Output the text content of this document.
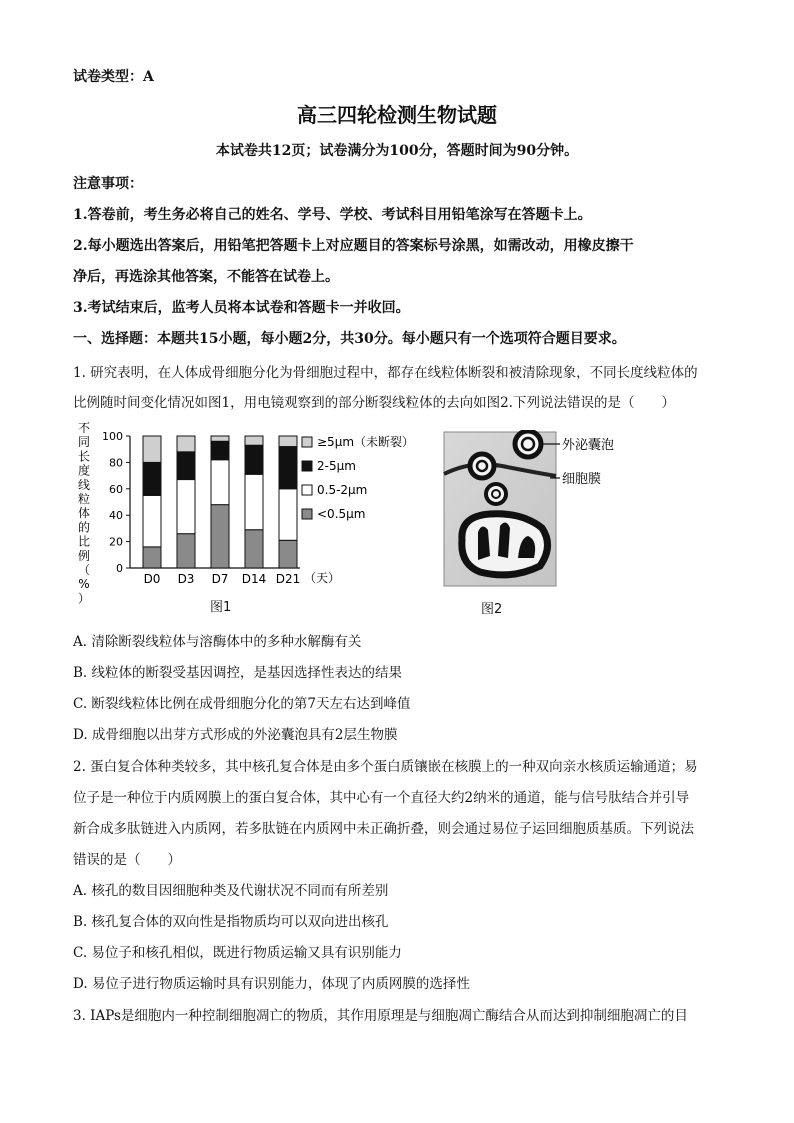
试卷类型：A
高三四轮检测生物试题
本试卷共12页；试卷满分为100分，答题时间为90分钟。
注意事项：
1.答卷前，考生务必将自己的姓名、学号、学校、考试科目用铅笔涂写在答题卡上。
2.每小题选出答案后，用铅笔把答题卡上对应题目的答案标号涂黑，如需改动，用橡皮擦干
净后，再选涂其他答案，不能答在试卷上。
3.考试结束后，监考人员将本试卷和答题卡一并收回。
一、选择题：本题共15小题，每小题2分，共30分。每小题只有一个选项符合题目要求。
1. 研究表明，在人体成骨细胞分化为骨细胞过程中，都存在线粒体断裂和被清除现象，不同长度线粒体的
比例随时间变化情况如图1，用电镜观察到的部分断裂线粒体的去向如图2.下列说法错误的是（　　）
不
同
长
度
线
粒
体
的
比
例
（
%
）
0
20
40
60
80
100
D0 D3 D7 D14 D21 （天）
≥5μm（未断裂）
2-5μm
0.5-2μm
<0.5μm
图1
外泌囊泡
细胞膜
图2
A. 清除断裂线粒体与溶酶体中的多种水解酶有关
B. 线粒体的断裂受基因调控，是基因选择性表达的结果
C. 断裂线粒体比例在成骨细胞分化的第7天左右达到峰值
D. 成骨细胞以出芽方式形成的外泌囊泡具有2层生物膜
2. 蛋白复合体种类较多，其中核孔复合体是由多个蛋白质镶嵌在核膜上的一种双向亲水核质运输通道；易
位子是一种位于内质网膜上的蛋白复合体，其中心有一个直径大约2纳米的通道，能与信号肽结合并引导
新合成多肽链进入内质网，若多肽链在内质网中未正确折叠，则会通过易位子运回细胞质基质。下列说法
错误的是（　　）
A. 核孔的数目因细胞种类及代谢状况不同而有所差别
B. 核孔复合体的双向性是指物质均可以双向进出核孔
C. 易位子和核孔相似，既进行物质运输又具有识别能力
D. 易位子进行物质运输时具有识别能力，体现了内质网膜的选择性
3. IAPs是细胞内一种控制细胞凋亡的物质，其作用原理是与细胞凋亡酶结合从而达到抑制细胞凋亡的目
